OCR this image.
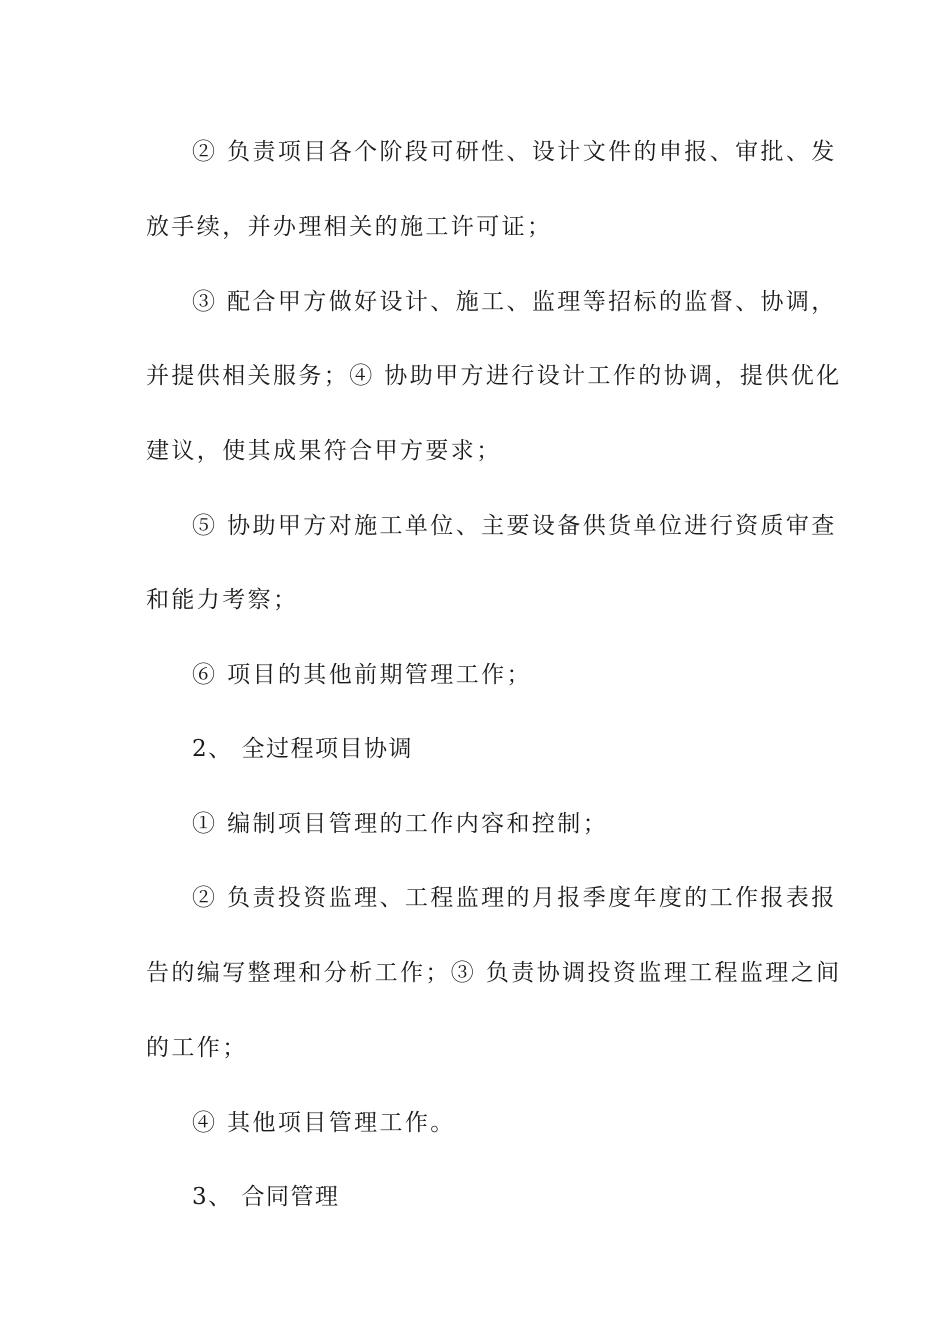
② 负责项目各个阶段可研性、设计文件的申报、审批、发
放手续，并办理相关的施工许可证；
③ 配合甲方做好设计、施工、监理等招标的监督、协调，
并提供相关服务；④ 协助甲方进行设计工作的协调，提供优化
建议，使其成果符合甲方要求；
⑤ 协助甲方对施工单位、主要设备供货单位进行资质审查
和能力考察；
⑥ 项目的其他前期管理工作；
2、 全过程项目协调
① 编制项目管理的工作内容和控制；
② 负责投资监理、工程监理的月报季度年度的工作报表报
告的编写整理和分析工作；③ 负责协调投资监理工程监理之间
的工作；
④ 其他项目管理工作。
3、 合同管理
